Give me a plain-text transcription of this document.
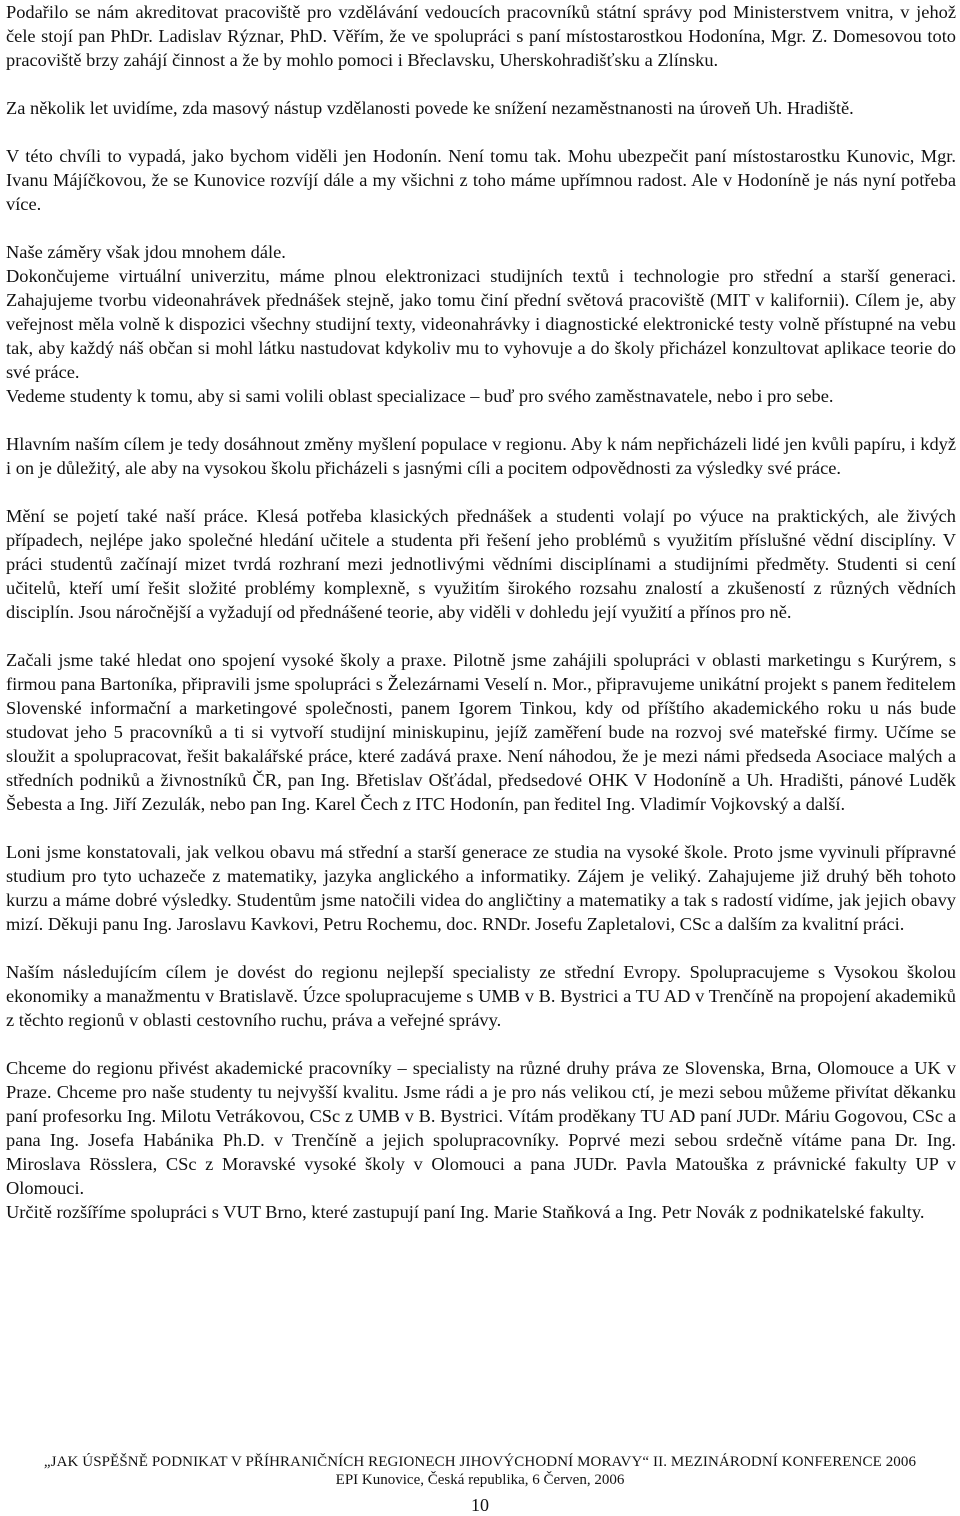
Podařilo se nám akreditovat pracoviště pro vzdělávání vedoucích pracovníků státní správy pod Ministerstvem vnitra, v jehož čele stojí pan PhDr. Ladislav Rýznar, PhD. Věřím, že ve spolupráci s paní místostarostkou Hodonína, Mgr. Z. Domesovou toto pracoviště brzy zahájí činnost a že by mohlo pomoci i Břeclavsku, Uherskohradišťsku a Zlínsku.

Za několik let uvidíme, zda masový nástup vzdělanosti povede ke snížení nezaměstnanosti na úroveň Uh. Hradiště.

V této chvíli to vypadá, jako bychom viděli jen Hodonín. Není tomu tak. Mohu ubezpečit paní místostarostku Kunovic, Mgr. Ivanu Májíčkovou, že se Kunovice rozvíjí dále a my všichni z toho máme upřímnou radost. Ale v Hodoníně je nás nyní potřeba více.

Naše záměry však jdou mnohem dále.

Dokončujeme virtuální univerzitu, máme plnou elektronizaci studijních textů i technologie pro střední a starší generaci. Zahajujeme tvorbu videonahrávek přednášek stejně, jako tomu činí přední světová pracoviště (MIT v kalifornii). Cílem je, aby veřejnost měla volně k dispozici všechny studijní texty, videonahrávky i diagnostické elektronické testy volně přístupné na vebu tak, aby každý náš občan si mohl látku nastudovat kdykoliv mu to vyhovuje a do školy přicházel konzultovat aplikace teorie do své práce.

Vedeme studenty k tomu, aby si sami volili oblast specializace – buď pro svého zaměstnavatele, nebo i pro sebe.

Hlavním naším cílem je tedy dosáhnout změny myšlení populace v regionu. Aby k nám nepřicházeli lidé jen kvůli papíru, i když i on je důležitý, ale aby na vysokou školu přicházeli s jasnými cíli a pocitem odpovědnosti za výsledky své práce.

Mění se pojetí také naší práce. Klesá potřeba klasických přednášek a studenti volají po výuce na praktických, ale živých případech, nejlépe jako společné hledání učitele a studenta při řešení jeho problémů s využitím příslušné vědní disciplíny. V práci studentů začínají mizet tvrdá rozhraní mezi jednotlivými vědními disciplínami a studijními předměty. Studenti si cení učitelů, kteří umí řešit složité problémy komplexně, s využitím širokého rozsahu znalostí a zkušeností z různých vědních disciplín. Jsou náročnější a vyžadují od přednášené teorie, aby viděli v dohledu její využití a přínos pro ně.

Začali jsme také hledat ono spojení vysoké školy a praxe. Pilotně jsme zahájili spolupráci v oblasti marketingu s Kurýrem, s firmou pana Bartoníka, připravili jsme spolupráci s Železárnami Veselí n. Mor., připravujeme unikátní projekt s panem ředitelem Slovenské informační a marketingové společnosti, panem Igorem Tinkou, kdy od příštího akademického roku u nás bude studovat jeho 5 pracovníků a ti si vytvoří studijní miniskupinu, jejíž zaměření bude na rozvoj své mateřské firmy. Učíme se sloužit a spolupracovat, řešit bakalářské práce, které zadává praxe. Není náhodou, že je mezi námi předseda Asociace malých a středních podniků a živnostníků ČR, pan Ing. Břetislav Ošťádal, předsedové OHK V Hodoníně a Uh. Hradišti, pánové Luděk Šebesta a Ing. Jiří Zezulák, nebo pan Ing. Karel Čech z ITC Hodonín, pan ředitel Ing. Vladimír Vojkovský a další.

Loni jsme konstatovali, jak velkou obavu má střední a starší generace ze studia na vysoké škole. Proto jsme vyvinuli přípravné studium pro tyto uchazeče z matematiky, jazyka anglického a informatiky. Zájem je veliký. Zahajujeme již druhý běh tohoto kurzu a máme dobré výsledky. Studentům jsme natočili videa do angličtiny a matematiky a tak s radostí vidíme, jak jejich obavy mizí. Děkuji panu Ing. Jaroslavu Kavkovi, Petru Rochemu, doc. RNDr. Josefu Zapletalovi, CSc a dalším za kvalitní práci.

Naším následujícím cílem je dovést do regionu nejlepší specialisty ze střední Evropy. Spolupracujeme s Vysokou školou ekonomiky a manažmentu v Bratislavě. Úzce spolupracujeme s UMB v B. Bystrici a TU AD v Trenčíně na propojení akademiků z těchto regionů v oblasti cestovního ruchu, práva a veřejné správy.

Chceme do regionu přivést akademické pracovníky – specialisty na různé druhy práva ze Slovenska, Brna, Olomouce a UK v Praze. Chceme pro naše studenty tu nejvyšší kvalitu. Jsme rádi a je pro nás velikou ctí, je mezi sebou můžeme přivítat děkanku paní profesorku Ing. Milotu Vetrákovou, CSc z UMB v B. Bystrici. Vítám proděkany TU AD paní JUDr. Máriu Gogovou, CSc a pana Ing. Josefa Habánika Ph.D. v Trenčíně a jejich spolupracovníky. Poprvé mezi sebou srdečně vítáme pana Dr. Ing. Miroslava Rösslera, CSc z Moravské vysoké školy v Olomouci a pana JUDr. Pavla Matouška z právnické fakulty UP v Olomouci.

Určitě rozšíříme spolupráci s VUT Brno, které zastupují paní Ing. Marie Staňková a Ing. Petr Novák z podnikatelské fakulty.

„JAK ÚSPĚŠNĚ PODNIKAT V PŘÍHRANIČNÍCH REGIONECH JIHOVÝCHODNÍ MORAVY“ II. MEZINÁRODNÍ KONFERENCE 2006
EPI Kunovice, Česká republika, 6 Červen, 2006
10
